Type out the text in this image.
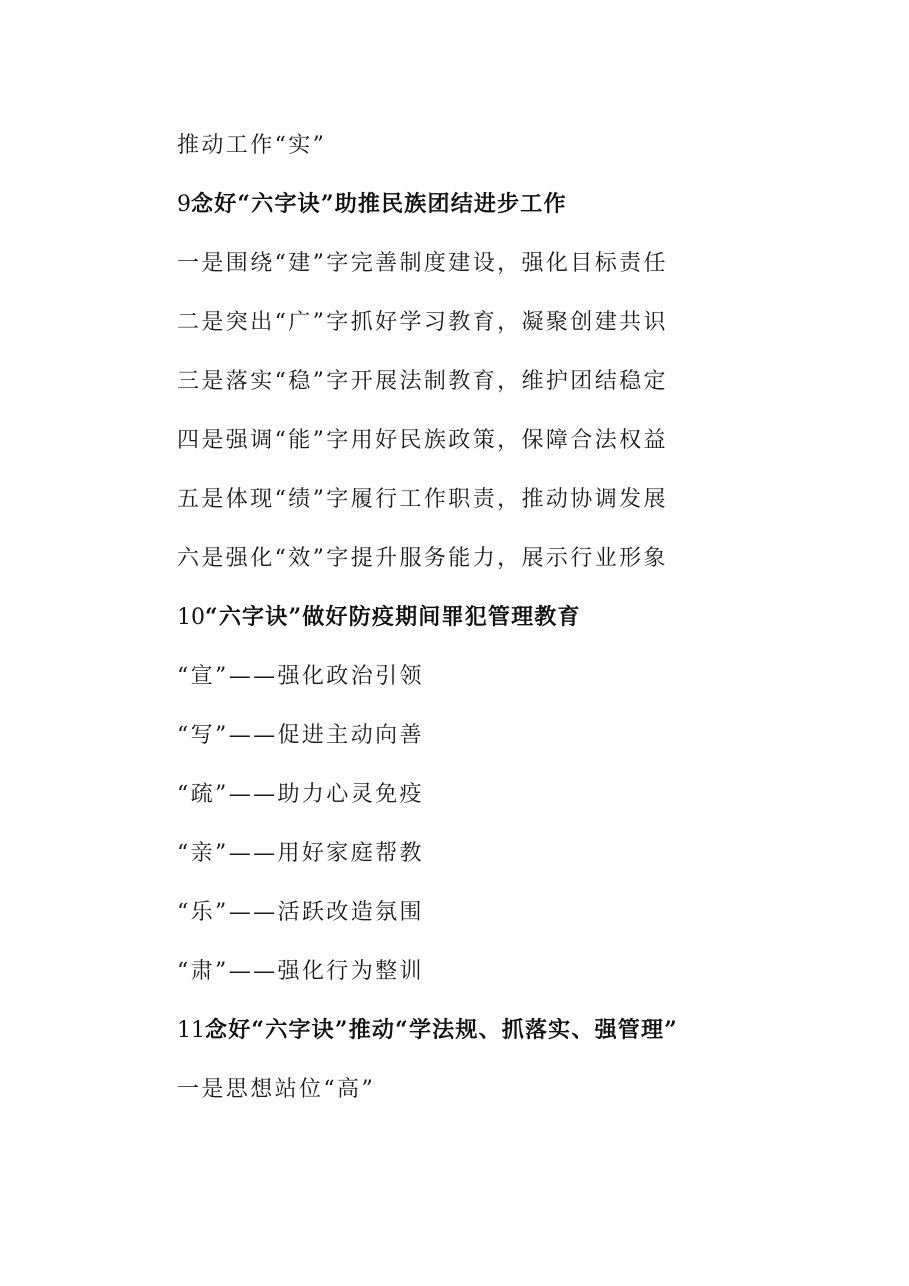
推动工作“实”
9念好“六字诀”助推民族团结进步工作
一是围绕“建”字完善制度建设，强化目标责任
二是突出“广”字抓好学习教育，凝聚创建共识
三是落实“稳”字开展法制教育，维护团结稳定
四是强调“能”字用好民族政策，保障合法权益
五是体现“绩”字履行工作职责，推动协调发展
六是强化“效”字提升服务能力，展示行业形象
10“六字诀”做好防疫期间罪犯管理教育
“宣”——强化政治引领
“写”——促进主动向善
“疏”——助力心灵免疫
“亲”——用好家庭帮教
“乐”——活跃改造氛围
“肃”——强化行为整训
11念好“六字诀”推动“学法规、抓落实、强管理”
一是思想站位“高”
